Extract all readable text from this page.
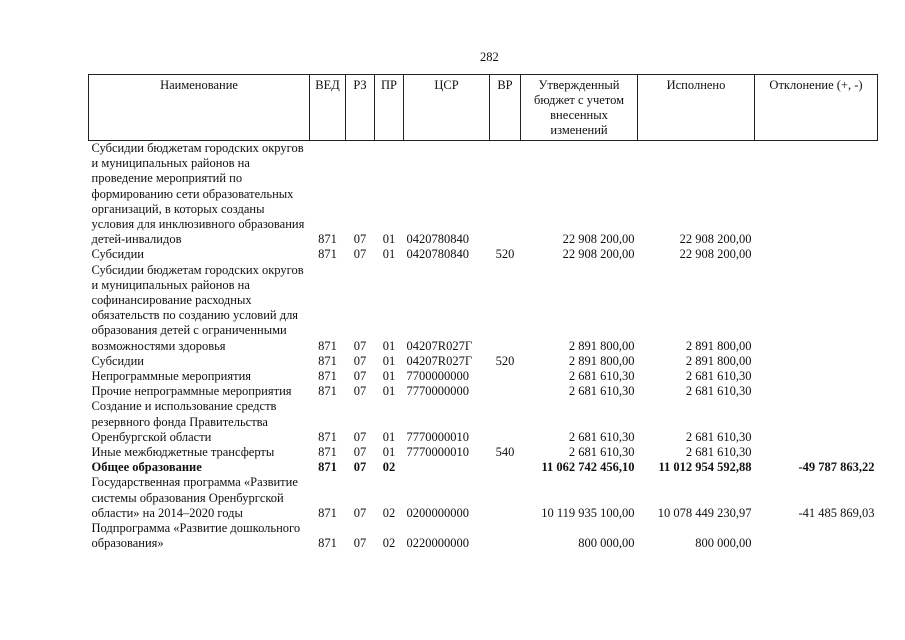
282
Наименование	ВЕД	РЗ	ПР	ЦСР	ВР	Утвержденный бюджет с учетом внесенных изменений	Исполнено	Отклонение (+, -)
Субсидии бюджетам городских округов и муниципальных районов на проведение мероприятий по формированию сети образовательных организаций, в которых созданы условия для инклюзивного образования детей-инвалидов	871	07	01	0420780840		22 908 200,00	22 908 200,00	
Субсидии	871	07	01	0420780840	520	22 908 200,00	22 908 200,00	
Субсидии бюджетам городских округов и муниципальных районов на софинансирование расходных обязательств по созданию условий для образования детей с ограниченными возможностями здоровья	871	07	01	04207R027Г		2 891 800,00	2 891 800,00	
Субсидии	871	07	01	04207R027Г	520	2 891 800,00	2 891 800,00	
Непрограммные мероприятия	871	07	01	7700000000		2 681 610,30	2 681 610,30	
Прочие непрограммные мероприятия	871	07	01	7770000000		2 681 610,30	2 681 610,30	
Создание и использование средств резервного фонда Правительства Оренбургской области	871	07	01	7770000010		2 681 610,30	2 681 610,30	
Иные межбюджетные трансферты	871	07	01	7770000010	540	2 681 610,30	2 681 610,30	
Общее образование	871	07	02			11 062 742 456,10	11 012 954 592,88	-49 787 863,22
Государственная программа «Развитие системы образования Оренбургской области» на 2014–2020 годы	871	07	02	0200000000		10 119 935 100,00	10 078 449 230,97	-41 485 869,03
Подпрограмма «Развитие дошкольного образования»	871	07	02	0220000000		800 000,00	800 000,00	
